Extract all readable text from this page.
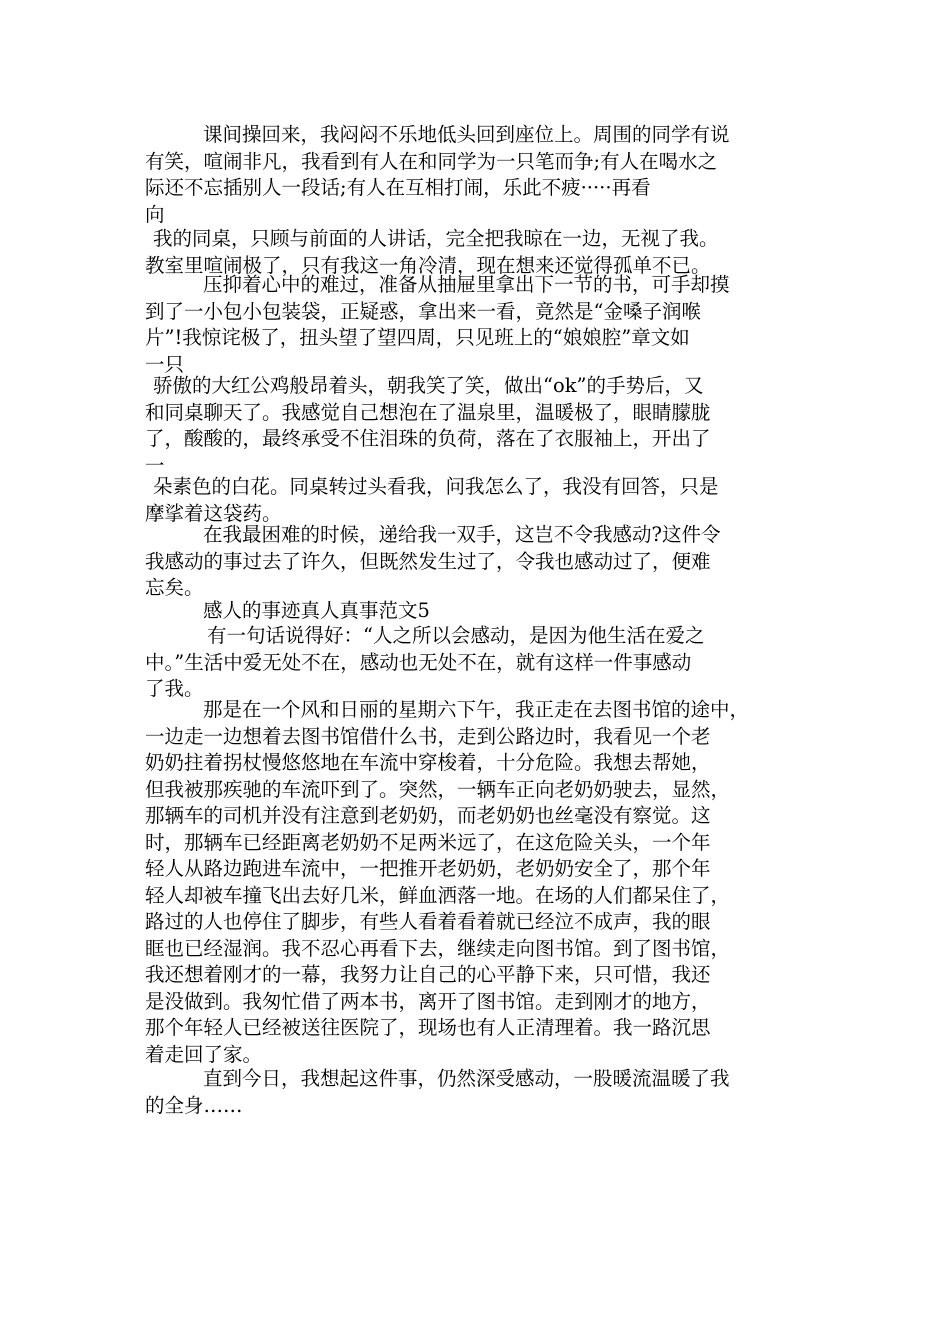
课间操回来，我闷闷不乐地低头回到座位上。周围的同学有说
有笑，喧闹非凡，我看到有人在和同学为一只笔而争;有人在喝水之
际还不忘插别人一段话;有人在互相打闹，乐此不疲·····再看
向
我的同桌，只顾与前面的人讲话，完全把我晾在一边，无视了我。
教室里喧闹极了，只有我这一角冷清，现在想来还觉得孤单不已。
压抑着心中的难过，准备从抽屉里拿出下一节的书，可手却摸
到了一小包小包装袋，正疑惑，拿出来一看，竟然是“金嗓子润喉
片”!我惊诧极了，扭头望了望四周，只见班上的“娘娘腔”章文如
一只
骄傲的大红公鸡般昂着头，朝我笑了笑，做出“ok”的手势后，又
和同桌聊天了。我感觉自己想泡在了温泉里，温暖极了，眼睛朦胧
了，酸酸的，最终承受不住泪珠的负荷，落在了衣服袖上，开出了
一
朵素色的白花。同桌转过头看我，问我怎么了，我没有回答，只是
摩挲着这袋药。
在我最困难的时候，递给我一双手，这岂不令我感动?这件令
我感动的事过去了许久，但既然发生过了，令我也感动过了，便难
忘矣。
感人的事迹真人真事范文5
有一句话说得好：“人之所以会感动，是因为他生活在爱之
中。”生活中爱无处不在，感动也无处不在，就有这样一件事感动
了我。
那是在一个风和日丽的星期六下午，我正走在去图书馆的途中，
一边走一边想着去图书馆借什么书，走到公路边时，我看见一个老
奶奶拄着拐杖慢悠悠地在车流中穿梭着，十分危险。我想去帮她，
但我被那疾驰的车流吓到了。突然，一辆车正向老奶奶驶去，显然，
那辆车的司机并没有注意到老奶奶，而老奶奶也丝毫没有察觉。这
时，那辆车已经距离老奶奶不足两米远了，在这危险关头，一个年
轻人从路边跑进车流中，一把推开老奶奶，老奶奶安全了，那个年
轻人却被车撞飞出去好几米，鲜血洒落一地。在场的人们都呆住了，
路过的人也停住了脚步，有些人看着看着就已经泣不成声，我的眼
眶也已经湿润。我不忍心再看下去，继续走向图书馆。到了图书馆，
我还想着刚才的一幕，我努力让自己的心平静下来，只可惜，我还
是没做到。我匆忙借了两本书，离开了图书馆。走到刚才的地方，
那个年轻人已经被送往医院了，现场也有人正清理着。我一路沉思
着走回了家。
直到今日，我想起这件事，仍然深受感动，一股暖流温暖了我
的全身……
